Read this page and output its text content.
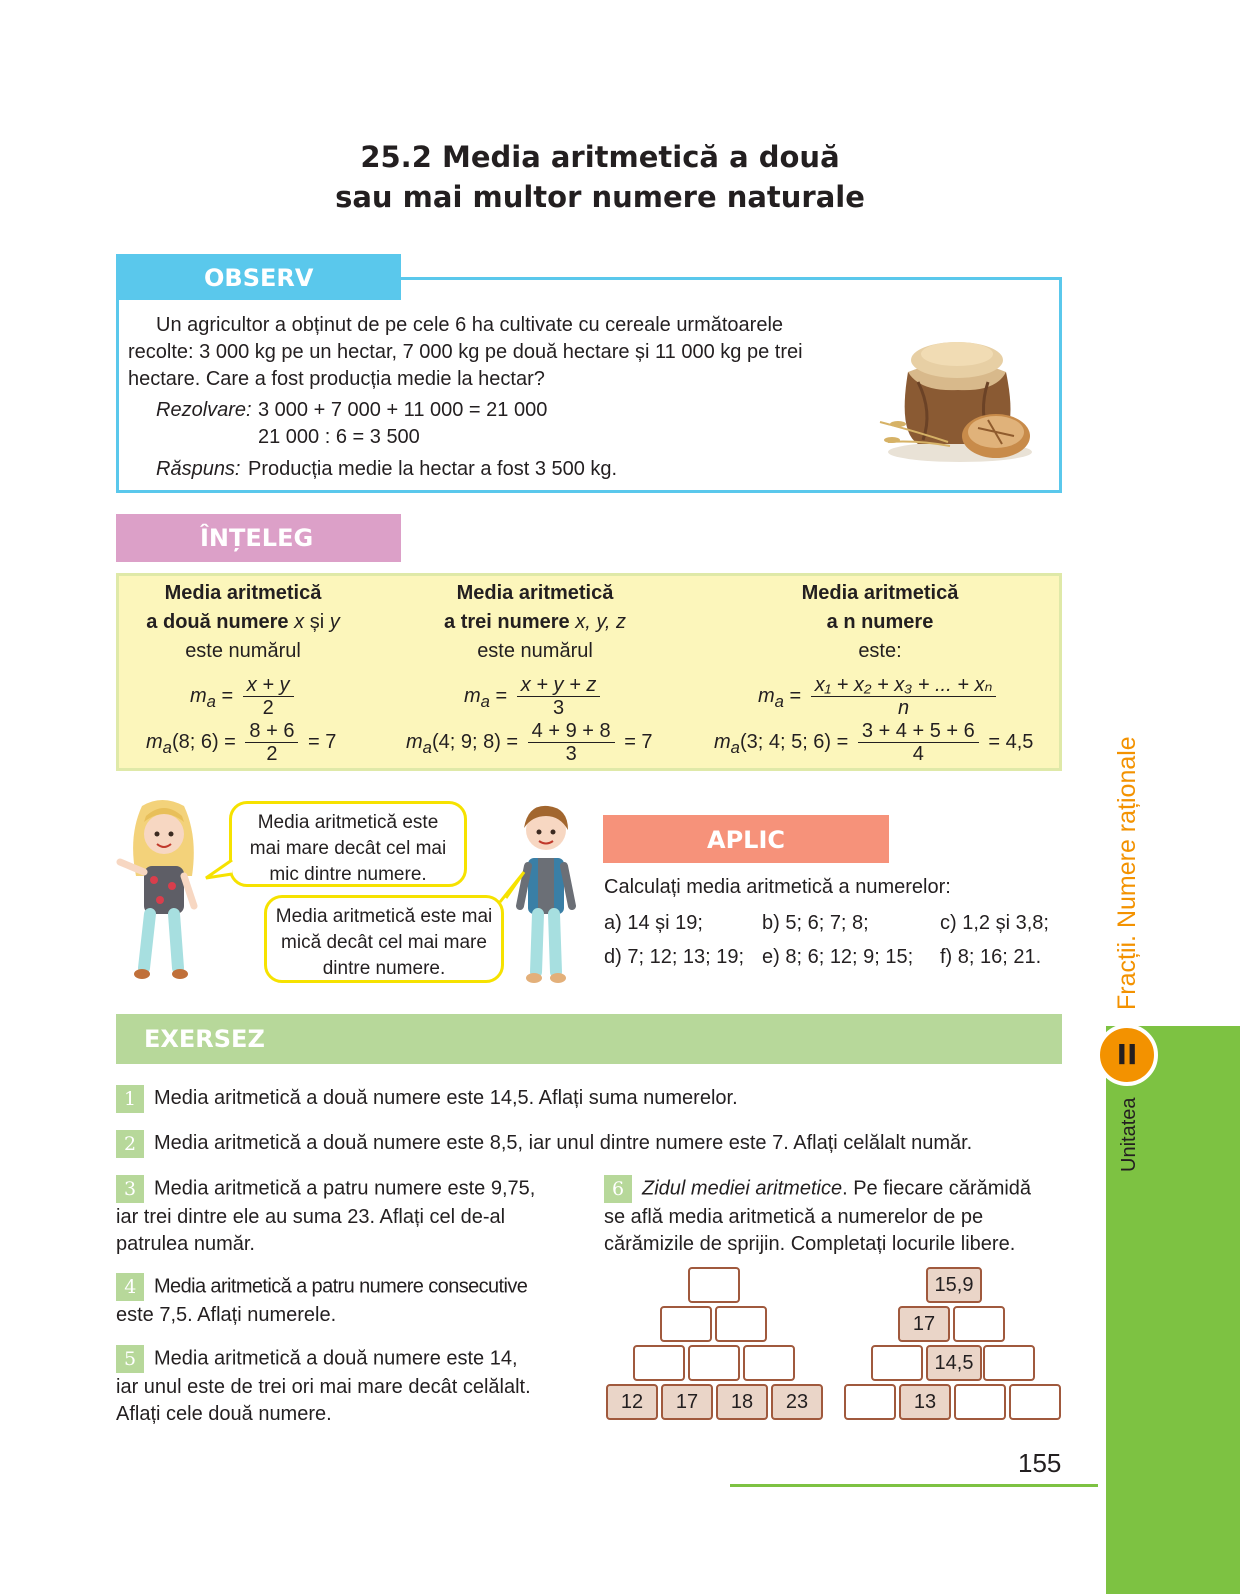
25.2 Media aritmetică a două
sau mai multor numere naturale
OBSERV
Un agricultor a obținut de pe cele 6 ha cultivate cu cereale următoarele
recolte: 3 000 kg pe un hectar, 7 000 kg pe două hectare și 11 000 kg pe trei
hectare. Care a fost producția medie la hectar?
Rezolvare: 3 000 + 7 000 + 11 000 = 21 000
21 000 : 6 = 3 500
Răspuns: Producția medie la hectar a fost 3 500 kg.
ÎNȚELEG
Media aritmetică
a două numere x și y
este numărul
$m_a = \frac{x + y}{2}$
$m_a(8$; $6) = \frac{8 + 6}{2} = 7$
Media aritmetică
a trei numere x, y, z
este numărul
$m_a = \frac{x + y + z}{3}$
$m_a(4$; 9; $8) = \frac{4 + 9 + 8}{3} = 7$
Media aritmetică
a n numere
este:
$m_a = \frac{\text{x₁ + x₂ + x₃ + ... + xₙ}}{n}$
$m_a(3$; 4; 5; $6) = \frac{3 + 4 + 5 + 6}{4} = 4,5$
Media aritmetică este mai mare decât cel mai mic dintre numere.
Media aritmetică este mai mică decât cel mai mare dintre numere.
APLIC
Calculați media aritmetică a numerelor:
a) 14 și 19;	b) 5; 6; 7; 8;	c) 1,2 și 3,8;
d) 7; 12; 13; 19; e) 8; 6; 12; 9; 15; f) 8; 16; 21.
EXERSEZ
1 Media aritmetică a două numere este 14,5. Aflați suma numerelor.
2 Media aritmetică a două numere este 8,5, iar unul dintre numere este 7. Aflați celălalt număr.
3 Media aritmetică a patru numere este 9,75,
iar trei dintre ele au suma 23. Aflați cel de-al
patrulea număr.
4 Media aritmetică a patru numere consecutive
este 7,5. Aflați numerele.
5 Media aritmetică a două numere este 14,
iar unul este de trei ori mai mare decât celălalt.
Aflați cele două numere.
6 Zidul mediei aritmetice. Pe fiecare cărămidă
se află media aritmetică a numerelor de pe
cărămizile de sprijin. Completați locurile libere.
12	17	18	23
15,9
17
14,5
13
155
II
Unitatea
Fracții. Numere raționale
